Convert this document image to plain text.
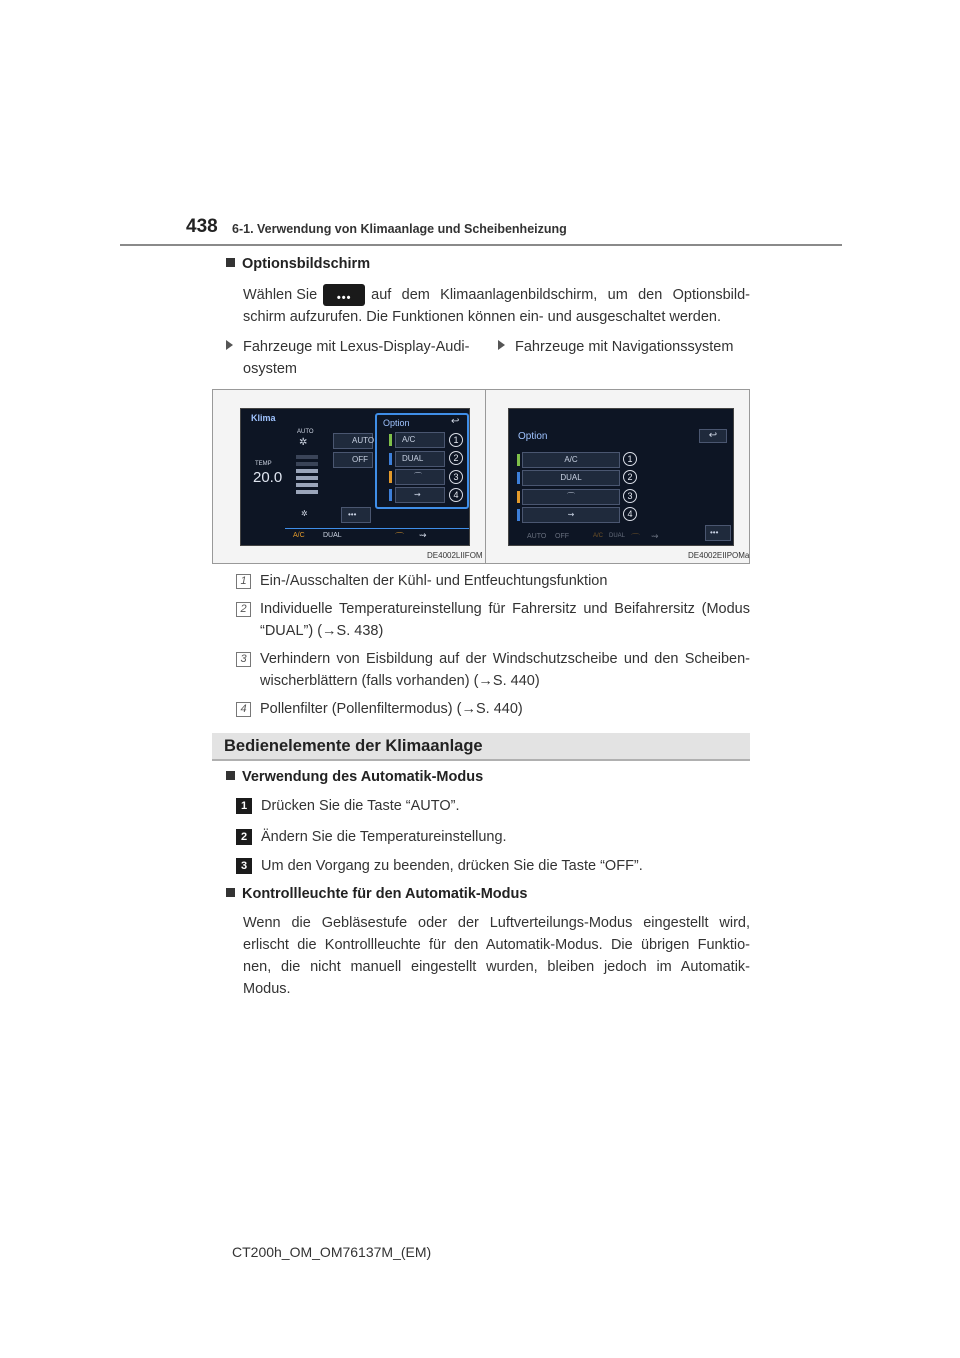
438 6-1. Verwendung von Klimaanlage und Scheibenheizung
Optionsbildschirm
Wählen Sie	•••	auf dem Klimaanlagenbildschirm, um den Optionsbild-
schirm aufzurufen. Die Funktionen können ein- und ausgeschaltet werden.
Fahrzeuge mit Lexus-Display-Audi-
osystem
Fahrzeuge mit Navigationssystem
Klima
AUTO
✲
TEMP
20.0
✲
AUTO
OFF
Option	↩
A/C
DUAL
⌒
⇝
1
2
3
4
•••
A/C	DUAL	⌒ ⇝
DE4002LIIFOM
Option	↩
A/C
DUAL
⌒
⇝
1
2
3
4
•••
AUTO OFF	A/C DUAL ⌒ ⇝
DE4002EIIPOMa
1 Ein-/Ausschalten der Kühl- und Entfeuchtungsfunktion
2 Individuelle Temperatureinstellung für Fahrersitz und Beifahrersitz (Modus
“DUAL”) (→S. 438)
3 Verhindern von Eisbildung auf der Windschutzscheibe und den Scheiben-
wischerblättern (falls vorhanden) (→S. 440)
4 Pollenfilter (Pollenfiltermodus) (→S. 440)
Bedienelemente der Klimaanlage
Verwendung des Automatik-Modus
1 Drücken Sie die Taste “AUTO”.
2 Ändern Sie die Temperatureinstellung.
3 Um den Vorgang zu beenden, drücken Sie die Taste “OFF”.
Kontrollleuchte für den Automatik-Modus
Wenn die Gebläsestufe oder der Luftverteilungs-Modus eingestellt wird,
erlischt die Kontrollleuchte für den Automatik-Modus. Die übrigen Funktio-
nen, die nicht manuell eingestellt wurden, bleiben jedoch im Automatik-
Modus.
CT200h_OM_OM76137M_(EM)
